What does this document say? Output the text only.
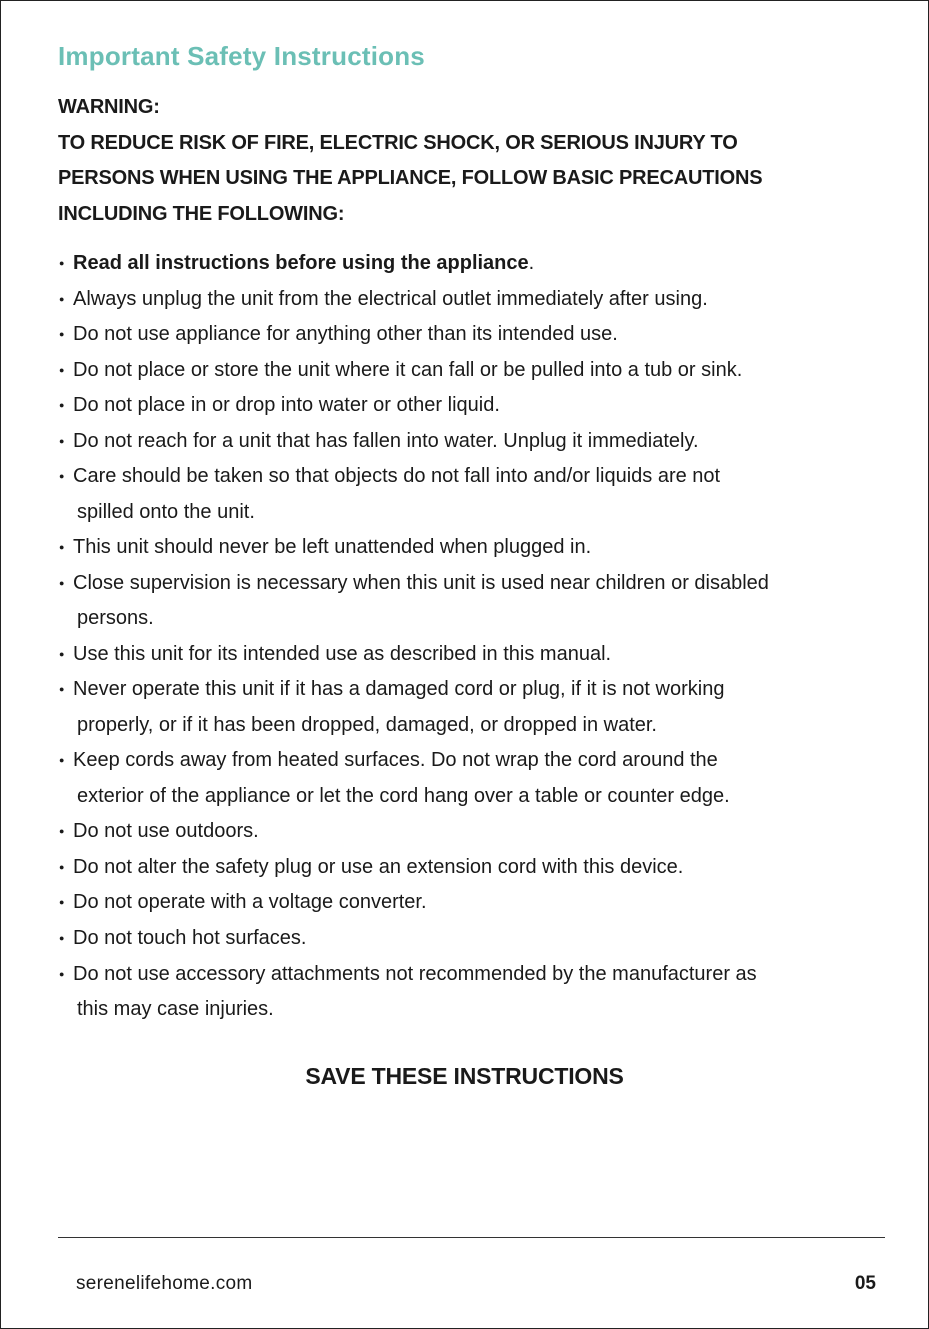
Important Safety Instructions
WARNING:
TO REDUCE RISK OF FIRE, ELECTRIC SHOCK, OR SERIOUS INJURY TO
PERSONS WHEN USING THE APPLIANCE, FOLLOW BASIC PRECAUTIONS
INCLUDING THE FOLLOWING:
● Read all instructions before using the appliance.
● Always unplug the unit from the electrical outlet immediately after using.
● Do not use appliance for anything other than its intended use.
● Do not place or store the unit where it can fall or be pulled into a tub or sink.
● Do not place in or drop into water or other liquid.
● Do not reach for a unit that has fallen into water. Unplug it immediately.
● Care should be taken so that objects do not fall into and/or liquids are not
spilled onto the unit.
● This unit should never be left unattended when plugged in.
● Close supervision is necessary when this unit is used near children or disabled
persons.
● Use this unit for its intended use as described in this manual.
● Never operate this unit if it has a damaged cord or plug, if it is not working
properly, or if it has been dropped, damaged, or dropped in water.
● Keep cords away from heated surfaces. Do not wrap the cord around the
exterior of the appliance or let the cord hang over a table or counter edge.
● Do not use outdoors.
● Do not alter the safety plug or use an extension cord with this device.
● Do not operate with a voltage converter.
● Do not touch hot surfaces.
● Do not use accessory attachments not recommended by the manufacturer as
this may case injuries.
SAVE THESE INSTRUCTIONS
serenelifehome.com	05
